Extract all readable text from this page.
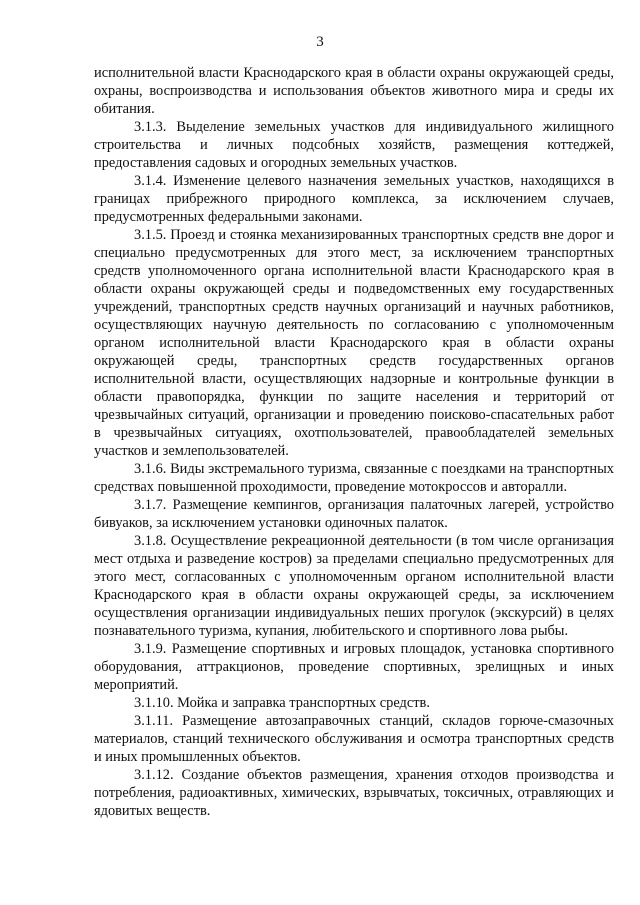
3

исполнительной власти Краснодарского края в области охраны окружающей среды, охраны, воспроизводства и использования объектов животного мира и среды их обитания.

3.1.3. Выделение земельных участков для индивидуального жилищного строительства и личных подсобных хозяйств, размещения коттеджей, предоставления садовых и огородных земельных участков.

3.1.4. Изменение целевого назначения земельных участков, находящихся в границах прибрежного природного комплекса, за исключением случаев, предусмотренных федеральными законами.

3.1.5. Проезд и стоянка механизированных транспортных средств вне дорог и специально предусмотренных для этого мест, за исключением транспортных средств уполномоченного органа исполнительной власти Краснодарского края в области охраны окружающей среды и подведомственных ему государственных учреждений, транспортных средств научных организаций и научных работников, осуществляющих научную деятельность по согласованию с уполномоченным органом исполнительной власти Краснодарского края в области охраны окружающей среды, транспортных средств государственных органов исполнительной власти, осуществляющих надзорные и контрольные функции в области правопорядка, функции по защите населения и территорий от чрезвычайных ситуаций, организации и проведению поисково-спасательных работ в чрезвычайных ситуациях, охотпользователей, правообладателей земельных участков и землепользователей.

3.1.6. Виды экстремального туризма, связанные с поездками на транспортных средствах повышенной проходимости, проведение мотокроссов и авторалли.

3.1.7. Размещение кемпингов, организация палаточных лагерей, устройство бивуаков, за исключением установки одиночных палаток.

3.1.8. Осуществление рекреационной деятельности (в том числе организация мест отдыха и разведение костров) за пределами специально предусмотренных для этого мест, согласованных с уполномоченным органом исполнительной власти Краснодарского края в области охраны окружающей среды, за исключением осуществления организации индивидуальных пеших прогулок (экскурсий) в целях познавательного туризма, купания, любительского и спортивного лова рыбы.

3.1.9. Размещение спортивных и игровых площадок, установка спортивного оборудования, аттракционов, проведение спортивных, зрелищных и иных мероприятий.

3.1.10. Мойка и заправка транспортных средств.

3.1.11. Размещение автозаправочных станций, складов горюче-смазочных материалов, станций технического обслуживания и осмотра транспортных средств и иных промышленных объектов.

3.1.12. Создание объектов размещения, хранения отходов производства и потребления, радиоактивных, химических, взрывчатых, токсичных, отравляющих и ядовитых веществ.
